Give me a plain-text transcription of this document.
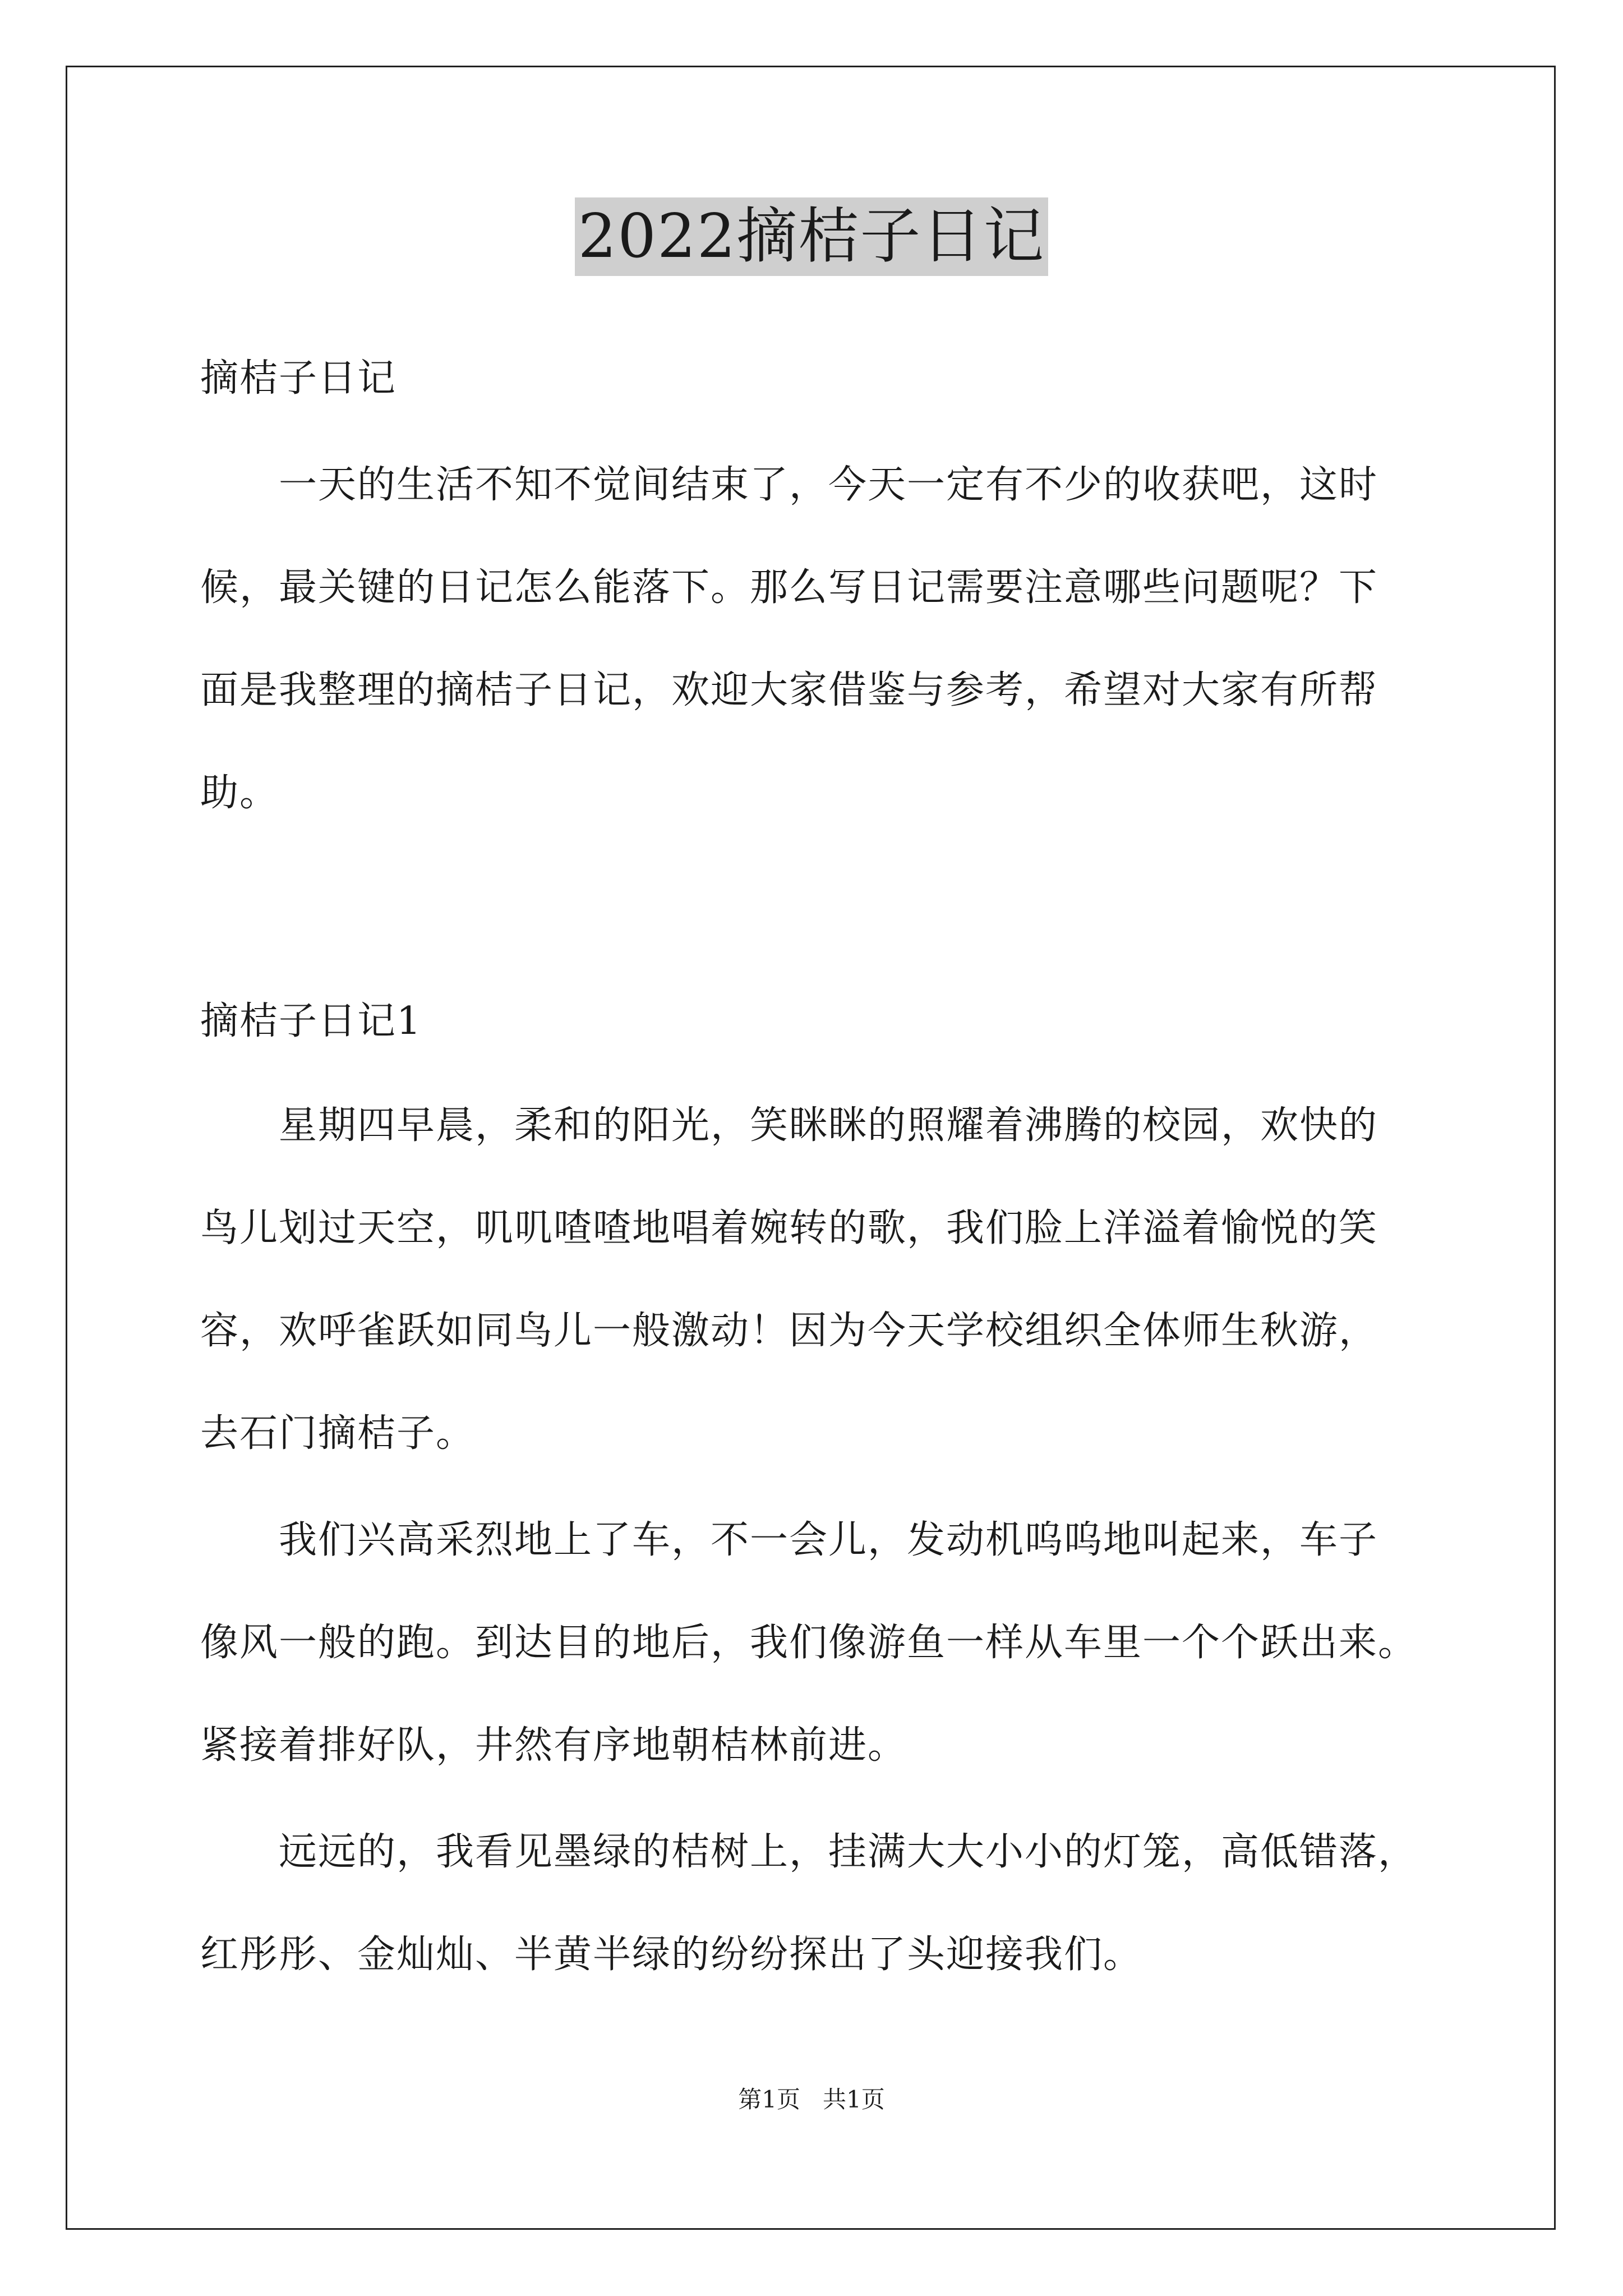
2022摘桔子日记
摘桔子日记
一天的生活不知不觉间结束了，今天一定有不少的收获吧，这时
候，最关键的日记怎么能落下。那么写日记需要注意哪些问题呢？下
面是我整理的摘桔子日记，欢迎大家借鉴与参考，希望对大家有所帮
助。
摘桔子日记1
星期四早晨，柔和的阳光，笑眯眯的照耀着沸腾的校园，欢快的
鸟儿划过天空，叽叽喳喳地唱着婉转的歌，我们脸上洋溢着愉悦的笑
容，欢呼雀跃如同鸟儿一般激动！因为今天学校组织全体师生秋游，
去石门摘桔子。
我们兴高采烈地上了车，不一会儿，发动机呜呜地叫起来，车子
像风一般的跑。到达目的地后，我们像游鱼一样从车里一个个跃出来。
紧接着排好队，井然有序地朝桔林前进。
远远的，我看见墨绿的桔树上，挂满大大小小的灯笼，高低错落，
红彤彤、金灿灿、半黄半绿的纷纷探出了头迎接我们。
第1页   共1页
